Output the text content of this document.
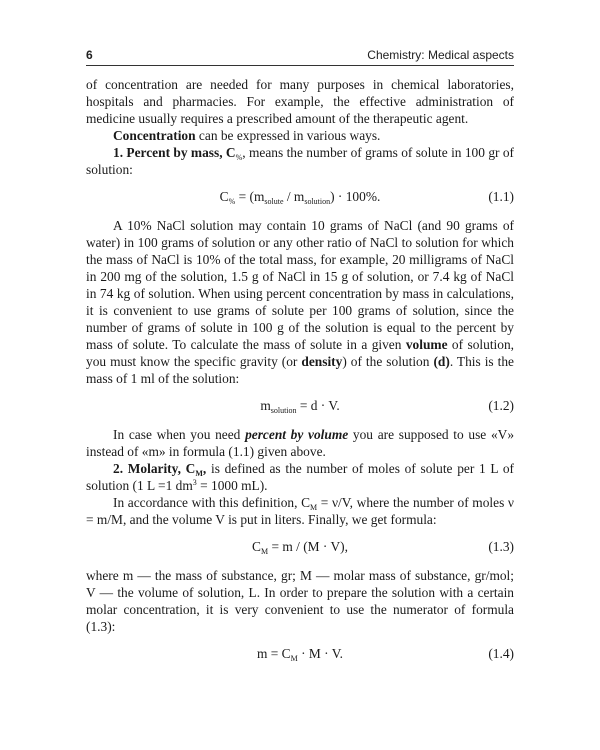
6	Chemistry: Medical aspects

of concentration are needed for many purposes in chemical laboratories, hospitals and pharmacies. For example, the effective administration of medicine usually requires a prescribed amount of the therapeutic agent.

Concentration can be expressed in various ways.

1. Percent by mass, $C_{\%}$, means the number of grams of solute in 100 gr of solution:

$C_{\%} = (m_{solute} / m_{solution}) \cdot 100\%$.	(1.1)

A 10% NaCl solution may contain 10 grams of NaCl (and 90 grams of water) in 100 grams of solution or any other ratio of NaCl to solution for which the mass of NaCl is 10% of the total mass, for example, 20 milligrams of NaCl in 200 mg of the solution, 1.5 g of NaCl in 15 g of solution, or 7.4 kg of NaCl in 74 kg of solution. When using percent concentration by mass in calculations, it is convenient to use grams of solute per 100 grams of solution, since the number of grams of solute in 100 g of the solution is equal to the percent by mass of solute. To calculate the mass of solute in a given volume of solution, you must know the specific gravity (or density) of the solution (d). This is the mass of 1 ml of the solution:

$m_{solution} = d \cdot V$.	(1.2)

In case when you need percent by volume you are supposed to use «V» instead of «m» in formula (1.1) given above.

2. Molarity, $C_M$, is defined as the number of moles of solute per 1 L of solution (1 L =1 $dm^3 = 1000$ mL).

In accordance with this definition, $C_M = \nu/V$, where the number of moles ν = m/M, and the volume V is put in liters. Finally, we get formula:

$C_M = m / (M \cdot V)$,	(1.3)

where m — the mass of substance, gr; M — molar mass of substance, gr/mol; V — the volume of solution, L. In order to prepare the solution with a certain molar concentration, it is very convenient to use the numerator of formula (1.3):

$m = C_M \cdot M \cdot V$.	(1.4)
